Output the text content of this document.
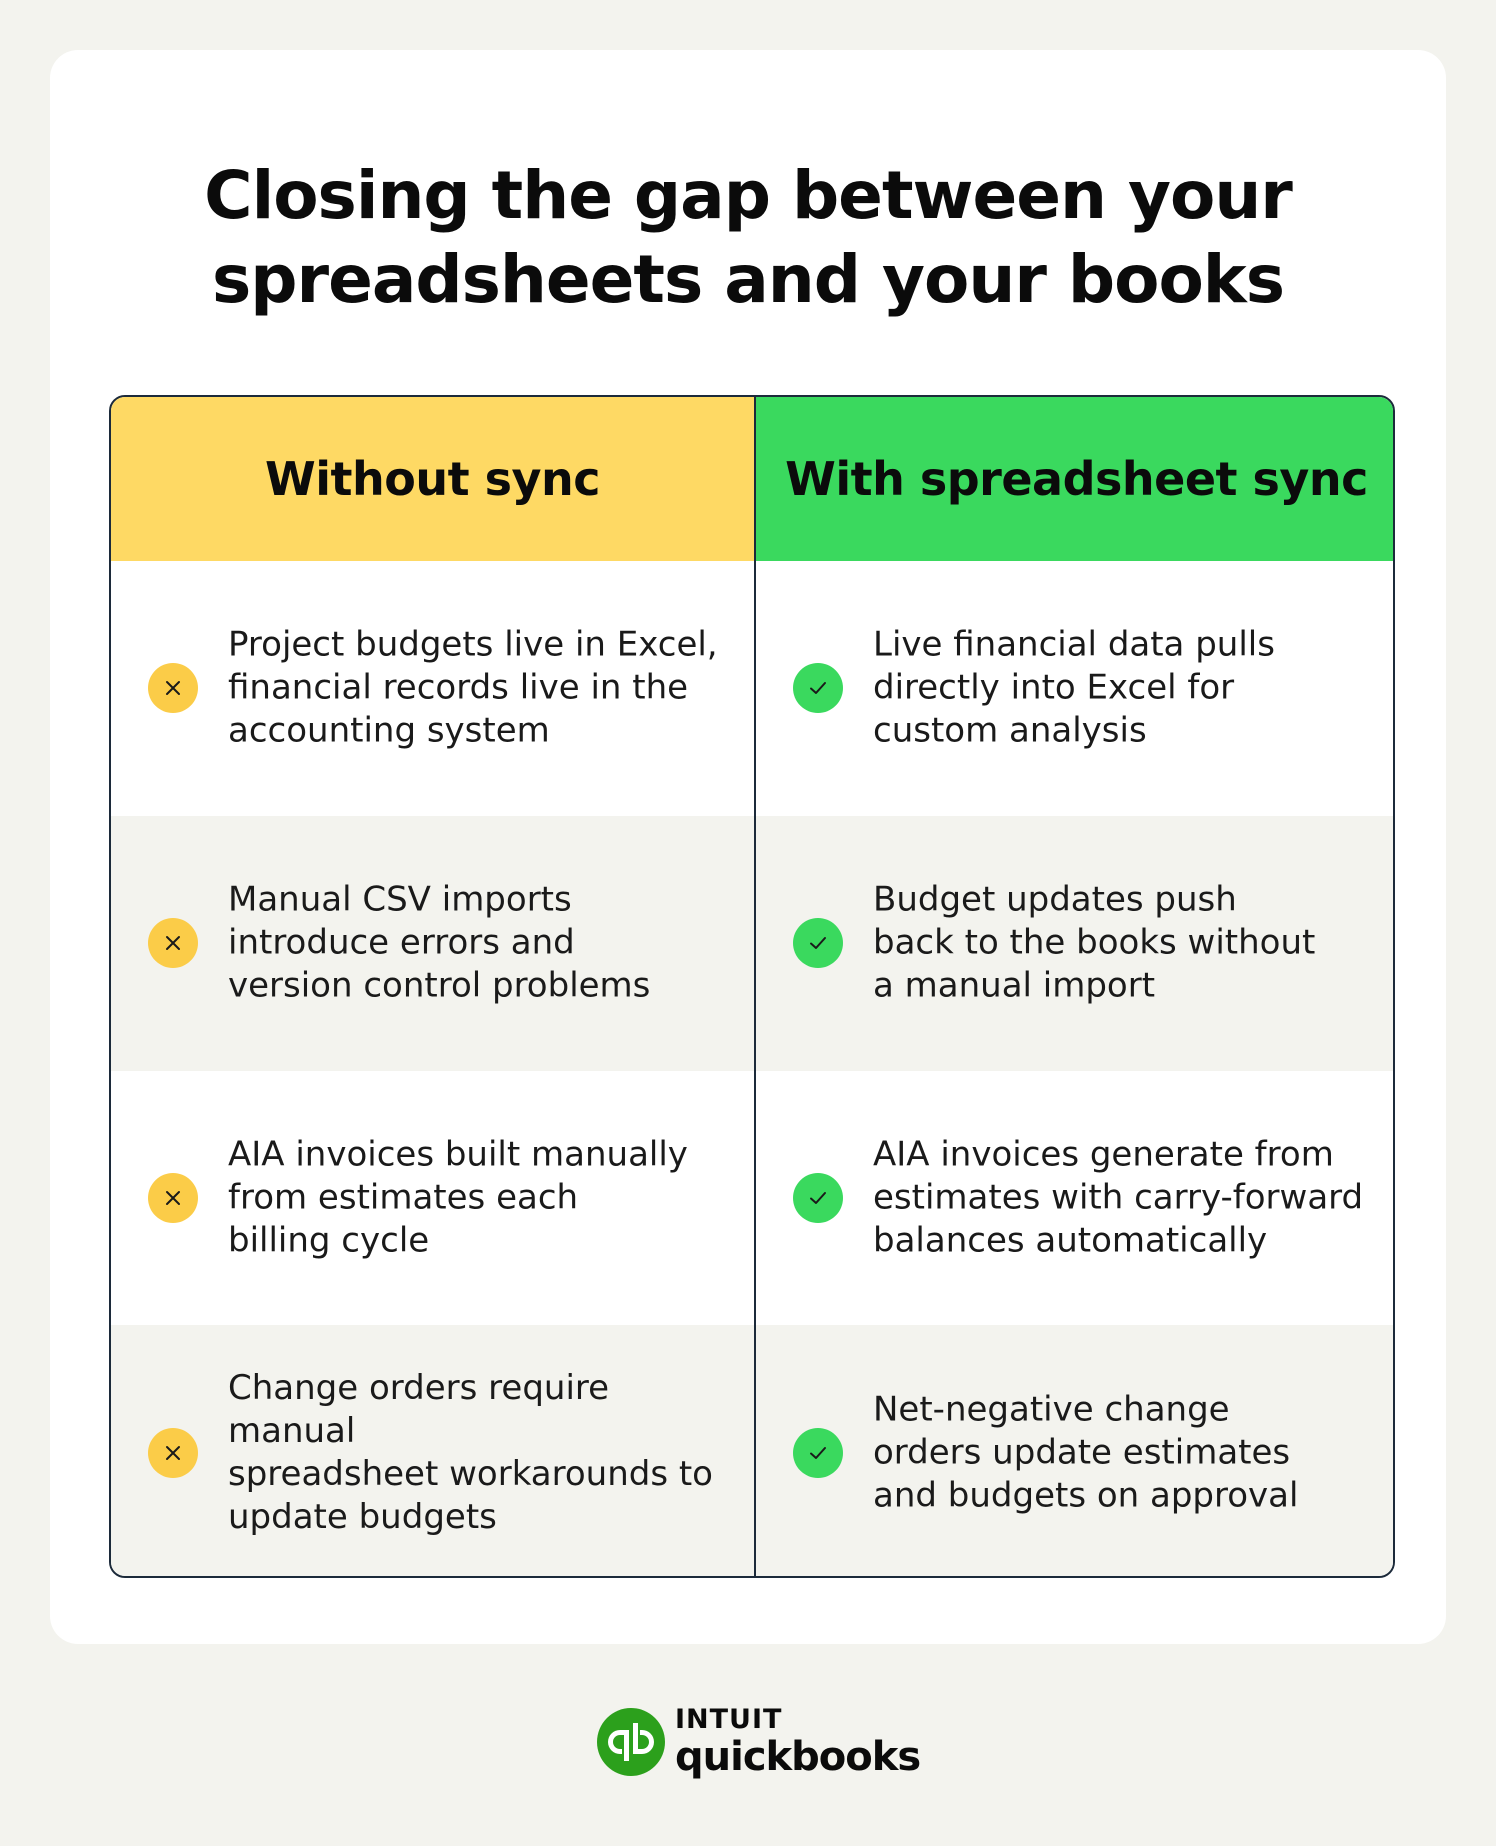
Closing the gap between your
spreadsheets and your books
Without sync

Project budgets live in Excel,
financial records live in the
accounting system

Manual CSV imports
introduce errors and
version control problems

AIA invoices built manually
from estimates each
billing cycle

Change orders require manual
spreadsheet workarounds to
update budgets

With spreadsheet sync

Live financial data pulls
directly into Excel for
custom analysis

Budget updates push
back to the books without
a manual import

AIA invoices generate from
estimates with carry-forward
balances automatically

Net-negative change
orders update estimates
and budgets on approval

INTUIT
quickbooks
